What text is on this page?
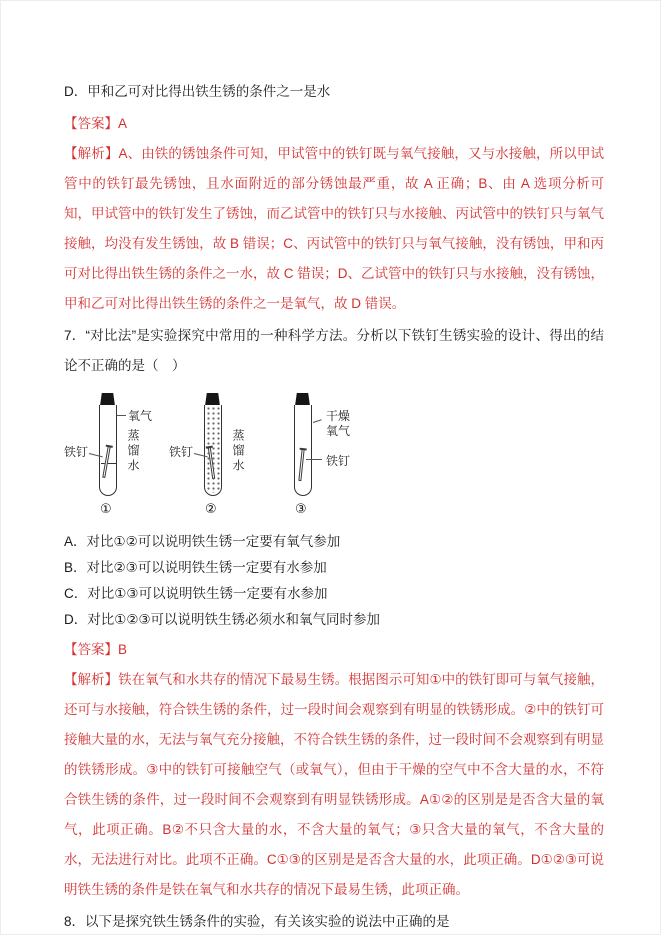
D．甲和乙可对比得出铁生锈的条件之一是水

【答案】A

【解析】A、由铁的锈蚀条件可知，甲试管中的铁钉既与氧气接触，又与水接触，所以甲试管中的铁钉最先锈蚀，且水面附近的部分锈蚀最严重，故 A 正确；B、由 A 选项分析可知，甲试管中的铁钉发生了锈蚀，而乙试管中的铁钉只与水接触、丙试管中的铁钉只与氧气接触，均没有发生锈蚀，故 B 错误；C、丙试管中的铁钉只与氧气接触，没有锈蚀，甲和丙可对比得出铁生锈的条件之一水，故 C 错误；D、乙试管中的铁钉只与水接触，没有锈蚀，甲和乙可对比得出铁生锈的条件之一是氧气，故 D 错误。

7．“对比法”是实验探究中常用的一种科学方法。分析以下铁钉生锈实验的设计、得出的结论不正确的是（　）

氧气
铁钉	蒸馏水
①
铁钉	蒸馏水
②
干燥氧气
铁钉
③

A．对比①②可以说明铁生锈一定要有氧气参加

B．对比②③可以说明铁生锈一定要有水参加

C．对比①③可以说明铁生锈一定要有水参加

D．对比①②③可以说明铁生锈必须水和氧气同时参加

【答案】B

【解析】铁在氧气和水共存的情况下最易生锈。根据图示可知①中的铁钉即可与氧气接触，还可与水接触，符合铁生锈的条件，过一段时间会观察到有明显的铁锈形成。②中的铁钉可接触大量的水，无法与氧气充分接触，不符合铁生锈的条件，过一段时间不会观察到有明显的铁锈形成。③中的铁钉可接触空气（或氧气），但由于干燥的空气中不含大量的水，不符合铁生锈的条件，过一段时间不会观察到有明显铁锈形成。A①②的区别是是否含大量的氧气，此项正确。B②不只含大量的水，不含大量的氧气；③只含大量的氧气，不含大量的水，无法进行对比。此项不正确。C①③的区别是是否含大量的水，此项正确。D①②③可说明铁生锈的条件是铁在氧气和水共存的情况下最易生锈，此项正确。

8．以下是探究铁生锈条件的实验，有关该实验的说法中正确的是
